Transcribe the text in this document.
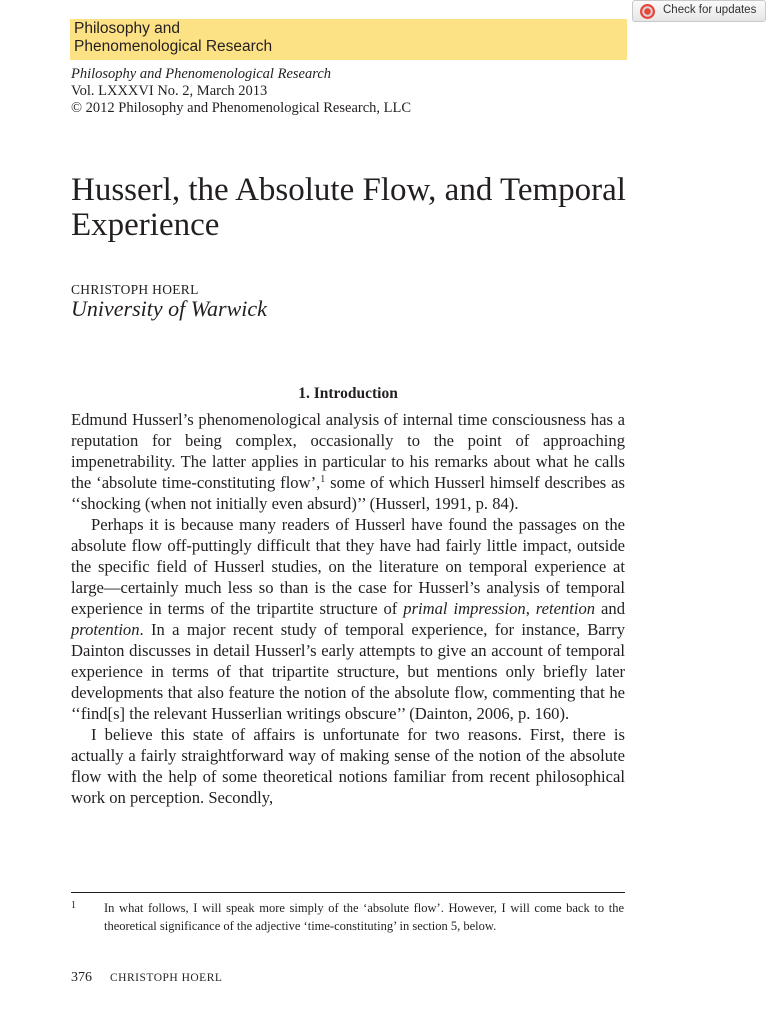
Philosophy and
Phenomenological Research
Check for updates
Philosophy and Phenomenological Research
Vol. LXXXVI No. 2, March 2013
© 2012 Philosophy and Phenomenological Research, LLC
Husserl, the Absolute Flow, and Temporal Experience
CHRISTOPH HOERL
University of Warwick
1. Introduction

Edmund Husserl’s phenomenological analysis of internal time consciousness has a reputation for being complex, occasionally to the point of approaching impenetrability. The latter applies in particular to his remarks about what he calls the ‘absolute time-constituting flow’,$^1$ some of which Husserl himself describes as ‘‘shocking (when not initially even absurd)’’ (Husserl, 1991, p. 84).

Perhaps it is because many readers of Husserl have found the passages on the absolute flow off-puttingly difficult that they have had fairly little impact, outside the specific field of Husserl studies, on the literature on temporal experience at large—certainly much less so than is the case for Husserl’s analysis of temporal experience in terms of the tripartite structure of primal impression, retention and protention. In a major recent study of temporal experience, for instance, Barry Dainton discusses in detail Husserl’s early attempts to give an account of temporal experience in terms of that tripartite structure, but mentions only briefly later developments that also feature the notion of the absolute flow, commenting that he ‘‘find[s] the relevant Husserlian writings obscure’’ (Dainton, 2006, p. 160).

I believe this state of affairs is unfortunate for two reasons. First, there is actually a fairly straightforward way of making sense of the notion of the absolute flow with the help of some theoretical notions familiar from recent philosophical work on perception. Secondly,

1 In what follows, I will speak more simply of the ‘absolute flow’. However, I will come back to the theoretical significance of the adjective ‘time-constituting’ in section 5, below.
376 CHRISTOPH HOERL
